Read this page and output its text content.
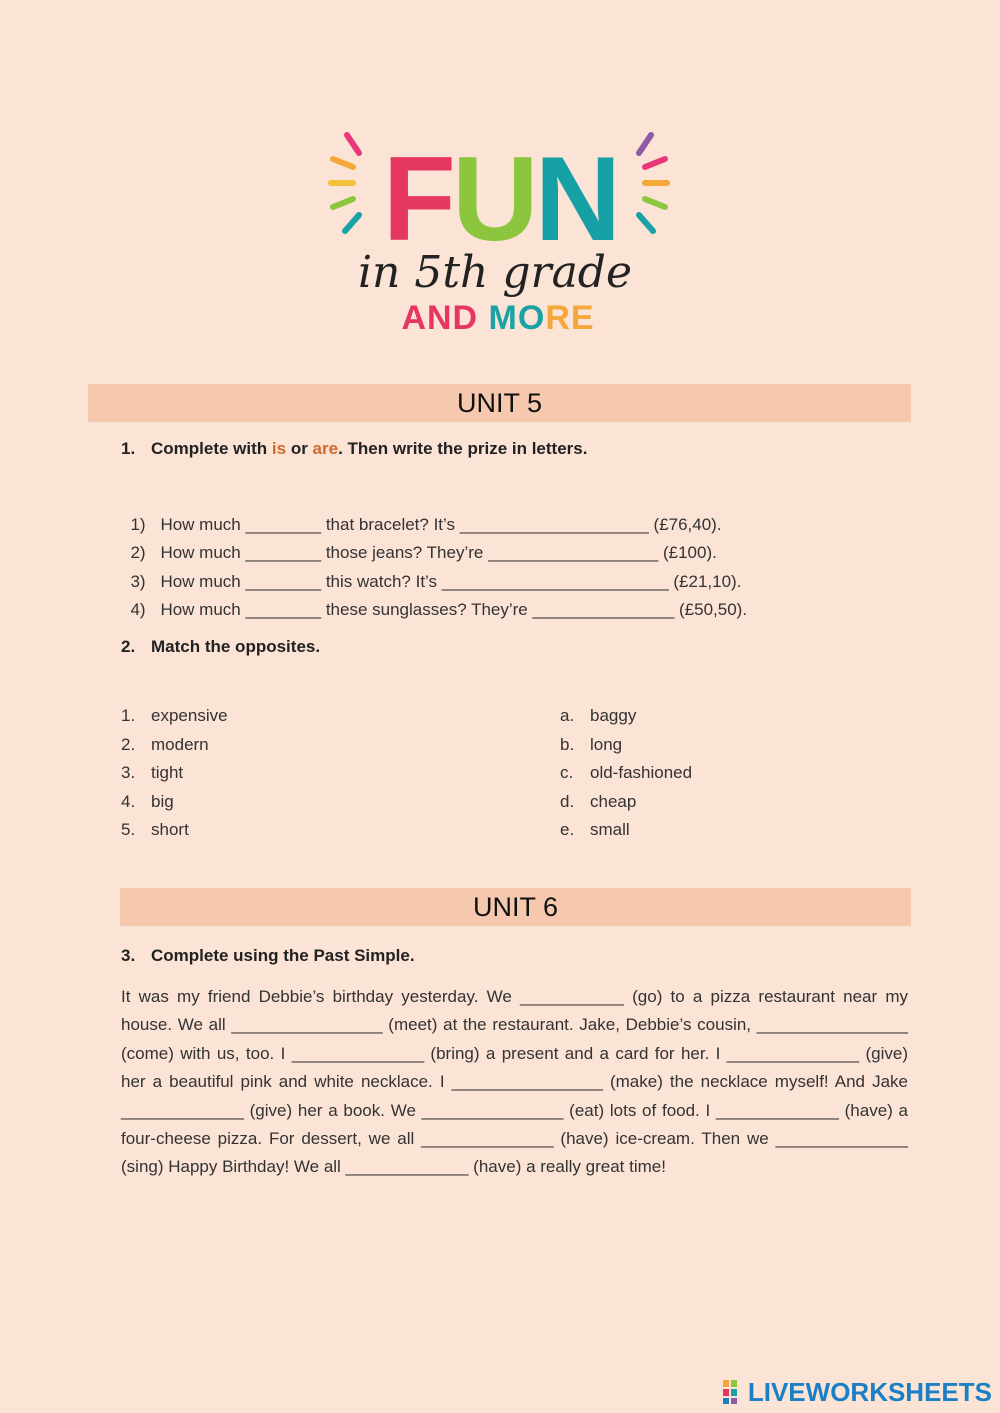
FUN
in 5th grade
AND MORE
UNIT 5
1. Complete with is or are. Then write the prize in letters.

1) How much ________ that bracelet? It’s ____________________ (£76,40).

2) How much ________ those jeans? They’re __________________ (£100).

3) How much ________ this watch? It’s ________________________ (£21,10).

4) How much ________ these sunglasses? They’re _______________ (£50,50).

2. Match the opposites.
1. expensive
2. modern
3. tight
4. big
5. short
a. baggy
b. long
c. old-fashioned
d. cheap
e. small
UNIT 6
3. Complete using the Past Simple.
It was my friend Debbie’s birthday yesterday. We ___________ (go) to a pizza restaurant near my house. We all ________________ (meet) at the restaurant. Jake, Debbie’s cousin, ________________ (come) with us, too. I ______________ (bring) a present and a card for her. I ______________ (give) her a beautiful pink and white necklace. I ________________ (make) the necklace myself! And Jake _____________ (give) her a book. We _______________ (eat) lots of food. I _____________ (have) a four-cheese pizza. For dessert, we all ______________ (have) ice-cream. Then we ______________ (sing) Happy Birthday! We all _____________ (have) a really great time!
LIVEWORKSHEETS
